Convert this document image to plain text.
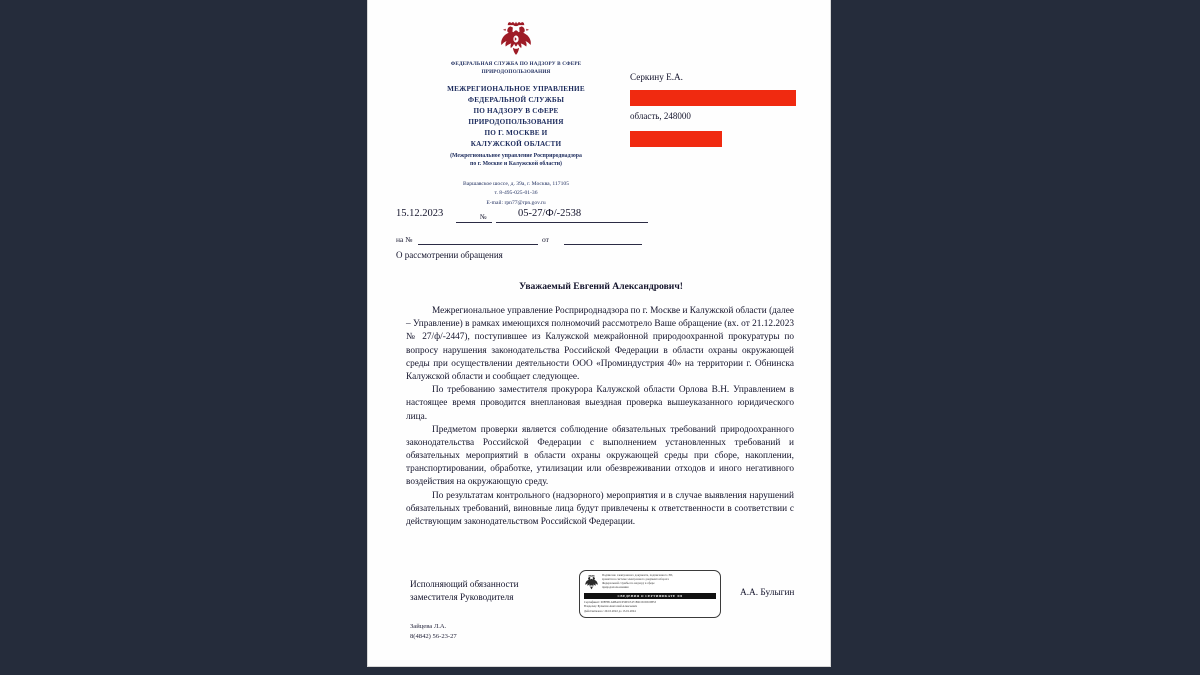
ФЕДЕРАЛЬНАЯ СЛУЖБА ПО НАДЗОРУ В СФЕРЕ
ПРИРОДОПОЛЬЗОВАНИЯ
МЕЖРЕГИОНАЛЬНОЕ УПРАВЛЕНИЕ
ФЕДЕРАЛЬНОЙ СЛУЖБЫ
ПО НАДЗОРУ В СФЕРЕ
ПРИРОДОПОЛЬЗОВАНИЯ
ПО Г. МОСКВЕ И
КАЛУЖСКОЙ ОБЛАСТИ
(Межрегиональное управление Росприроднадзора
по г. Москве и Калужской области)
Варшавское шоссе, д. 39а, г. Москва, 117105
т. 8-495-025-01-36
E-mail: rpn77@rpn.gov.ru
15.12.2023	№	05-27/Ф/-2538
на №	от
О рассмотрении обращения
Серкину Е.А.
область, 248000
Уважаемый Евгений Александрович!

Межрегиональное управление Росприроднадзора по г. Москве и Калужской области (далее – Управление) в рамках имеющихся полномочий рассмотрело Ваше обращение (вх. от 21.12.2023 № 27/ф/-2447), поступившее из Калужской межрайонной природоохранной прокуратуры по вопросу нарушения законодательства Российской Федерации в области охраны окружающей среды при осуществлении деятельности ООО «Проминдустрия 40» на территории г. Обнинска Калужской области и сообщает следующее.

По требованию заместителя прокурора Калужской области Орлова В.Н. Управлением в настоящее время проводится внеплановая выездная проверка вышеуказанного юридического лица.

Предметом проверки является соблюдение обязательных требований природоохранного законодательства Российской Федерации с выполнением установленных требований и обязательных мероприятий в области охраны окружающей среды при сборе, накоплении, транспортировании, обработке, утилизации или обезвреживании отходов и иного негативного воздействия на окружающую среду.

По результатам контрольного (надзорного) мероприятия и в случае выявления нарушений обязательных требований, виновные лица будут привлечены к ответственности в соответствии с действующим законодательством Российской Федерации.

Подписано электронного документа, подписанного ЭП,
хранится в системе электронного документооборота
Федеральной службы по надзору в сфере
природопользования
СВЕДЕНИЯ О СЕРТИФИКАТЕ ЭП
Сертификат: 00B7B1A9BA0C050E1E471B2C0C00C0B53
Владелец: Булыгин Анатолий Алексеевич
Действителен с 20.10.2022 до 13.01.2024
Исполняющий обязанности
заместителя Руководителя
Зайцева Л.А.
8(4842) 56-23-27
А.А. Булыгин
